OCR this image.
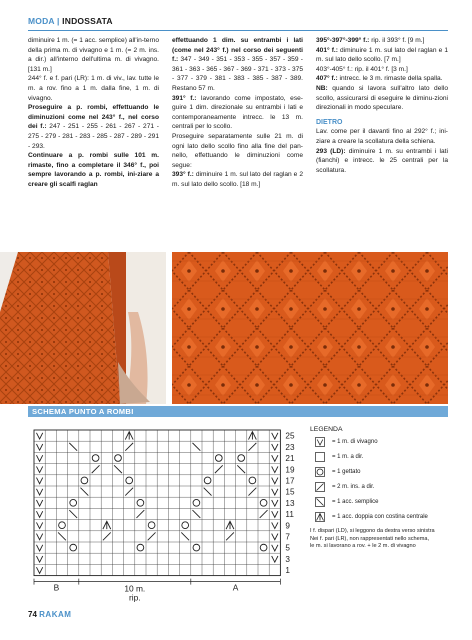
MODA | INDOSSATA

diminuire 1 m. (= 1 acc. semplice) all'in-terno della prima m. di vivagno e 1 m. (= 2 m. ins. a dir.) all'interno dell'ultima m. di vivagno. [131 m.]

244° f. e f. pari (LR): 1 m. di viv., lav. tutte le m. a rov. fino a 1 m. dalla fine, 1 m. di vivagno.

Proseguire a p. rombi, effettuando le diminuzioni come nel 243° f., nel corso dei f.: 247 - 251 - 255 - 261 - 267 - 271 - 275 - 279 - 281 - 283 - 285 - 287 - 289 - 291 - 293.

Continuare a p. rombi sulle 101 m. rimaste, fino a completare il 346° f., poi sempre lavorando a p. rombi, ini-ziare a creare gli scalfi raglan

effettuando 1 dim. su entrambi i lati (come nel 243° f.) nel corso dei seguenti f.: 347 - 349 - 351 - 353 - 355 - 357 - 359 - 361 - 363 - 365 - 367 - 369 - 371 - 373 - 375 - 377 - 379 - 381 - 383 - 385 - 387 - 389. Restano 57 m.

391° f.: lavorando come impostato, ese-guire 1 dim. direzionale su entrambi i lati e contemporaneamente intrecc. le 13 m. centrali per lo scollo.

Proseguire separatamente sulle 21 m. di ogni lato dello scollo fino alla fine del pan-nello, effettuando le diminuzioni come segue:

393° f.: diminuire 1 m. sul lato del raglan e 2 m. sul lato dello scollo. [18 m.]

395°-397°-399° f.: rip. il 393° f. [9 m.]

401° f.: diminuire 1 m. sul lato del raglan e 1 m. sul lato dello scollo. [7 m.]

403°-405° f.: rip. il 401° f. [3 m.]

407° f.: intrecc. le 3 m. rimaste della spalla.

NB: quando si lavora sull'altro lato dello scollo, assicurarsi di eseguire le diminu-zioni direzionali in modo speculare.

DIETRO

Lav. come per il davanti fino al 292° f.; ini-ziare a creare la scollatura della schiena.

293 (LD): diminuire 1 m. su entrambi i lati (fianchi) e intrecc. le 25 centrali per la scollatura.

SCHEMA PUNTO A ROMBI
25
23
21
19
17
15
13
11
9
7
5
3
1
B	A
10 m.
rip.
LEGENDA
= 1 m. di vivagno
= 1 m. a dir.
= 1 gettato
= 2 m. ins. a dir.
= 1 acc. semplice
= 1 acc. doppia con costina centrale
I f. dispari (LD), si leggono da destra verso sinistra
Nei f. pari (LR), non rappresentati nello schema,
le m. si lavorano a rov. + le 2 m. di vivagno
74 RAKAM
